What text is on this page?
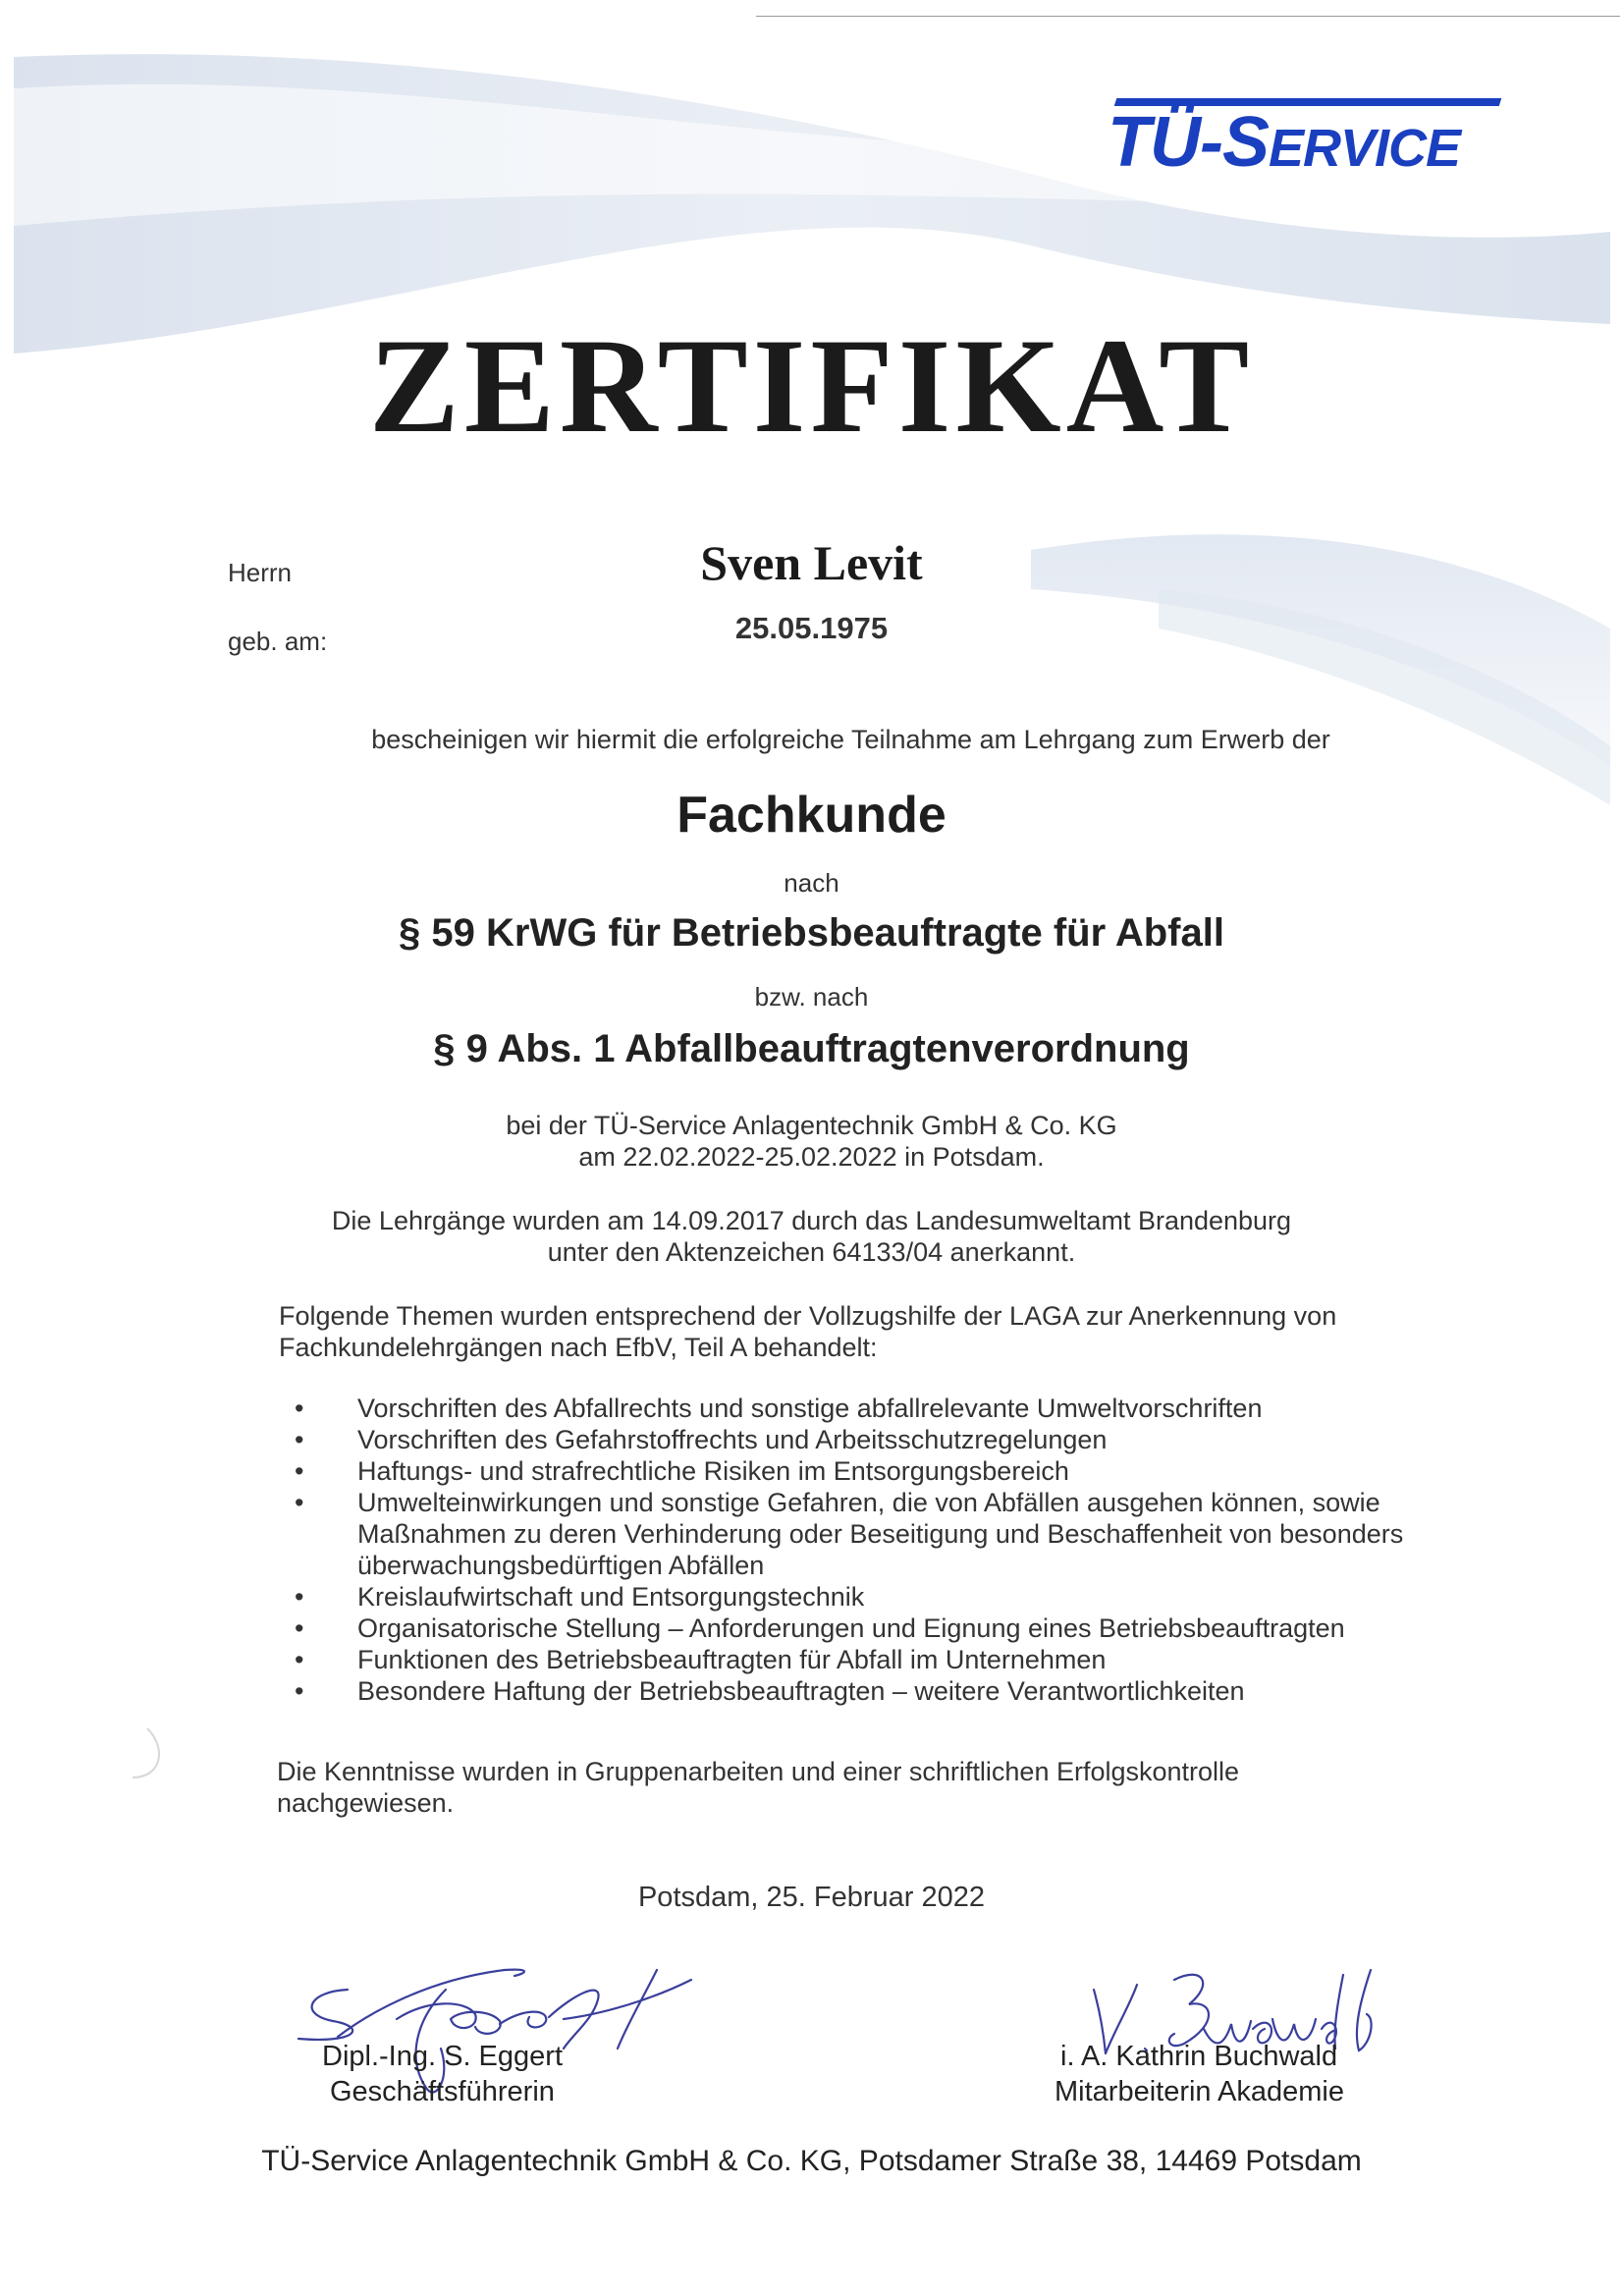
TÜ-SERVICE
ZERTIFIKAT
Herrn	Sven Levit
geb. am:	25.05.1975
bescheinigen wir hiermit die erfolgreiche Teilnahme am Lehrgang zum Erwerb der
Fachkunde
nach
§ 59 KrWG für Betriebsbeauftragte für Abfall
bzw. nach
§ 9 Abs. 1 Abfallbeauftragtenverordnung
bei der TÜ-Service Anlagentechnik GmbH & Co. KG
am 22.02.2022-25.02.2022 in Potsdam.
Die Lehrgänge wurden am 14.09.2017 durch das Landesumweltamt Brandenburg
unter den Aktenzeichen 64133/04 anerkannt.
Folgende Themen wurden entsprechend der Vollzugshilfe der LAGA zur Anerkennung von Fachkundelehrgängen nach EfbV, Teil A behandelt:
• Vorschriften des Abfallrechts und sonstige abfallrelevante Umweltvorschriften
• Vorschriften des Gefahrstoffrechts und Arbeitsschutzregelungen
• Haftungs- und strafrechtliche Risiken im Entsorgungsbereich
• Umwelteinwirkungen und sonstige Gefahren, die von Abfällen ausgehen können, sowie Maßnahmen zu deren Verhinderung oder Beseitigung und Beschaffenheit von besonders überwachungsbedürftigen Abfällen
• Kreislaufwirtschaft und Entsorgungstechnik
• Organisatorische Stellung – Anforderungen und Eignung eines Betriebsbeauftragten
• Funktionen des Betriebsbeauftragten für Abfall im Unternehmen
• Besondere Haftung der Betriebsbeauftragten – weitere Verantwortlichkeiten
Die Kenntnisse wurden in Gruppenarbeiten und einer schriftlichen Erfolgskontrolle nachgewiesen.
Potsdam, 25. Februar 2022
Dipl.-Ing. S. Eggert
Geschäftsführerin
i. A. Kathrin Buchwald
Mitarbeiterin Akademie
TÜ-Service Anlagentechnik GmbH & Co. KG, Potsdamer Straße 38, 14469 Potsdam
